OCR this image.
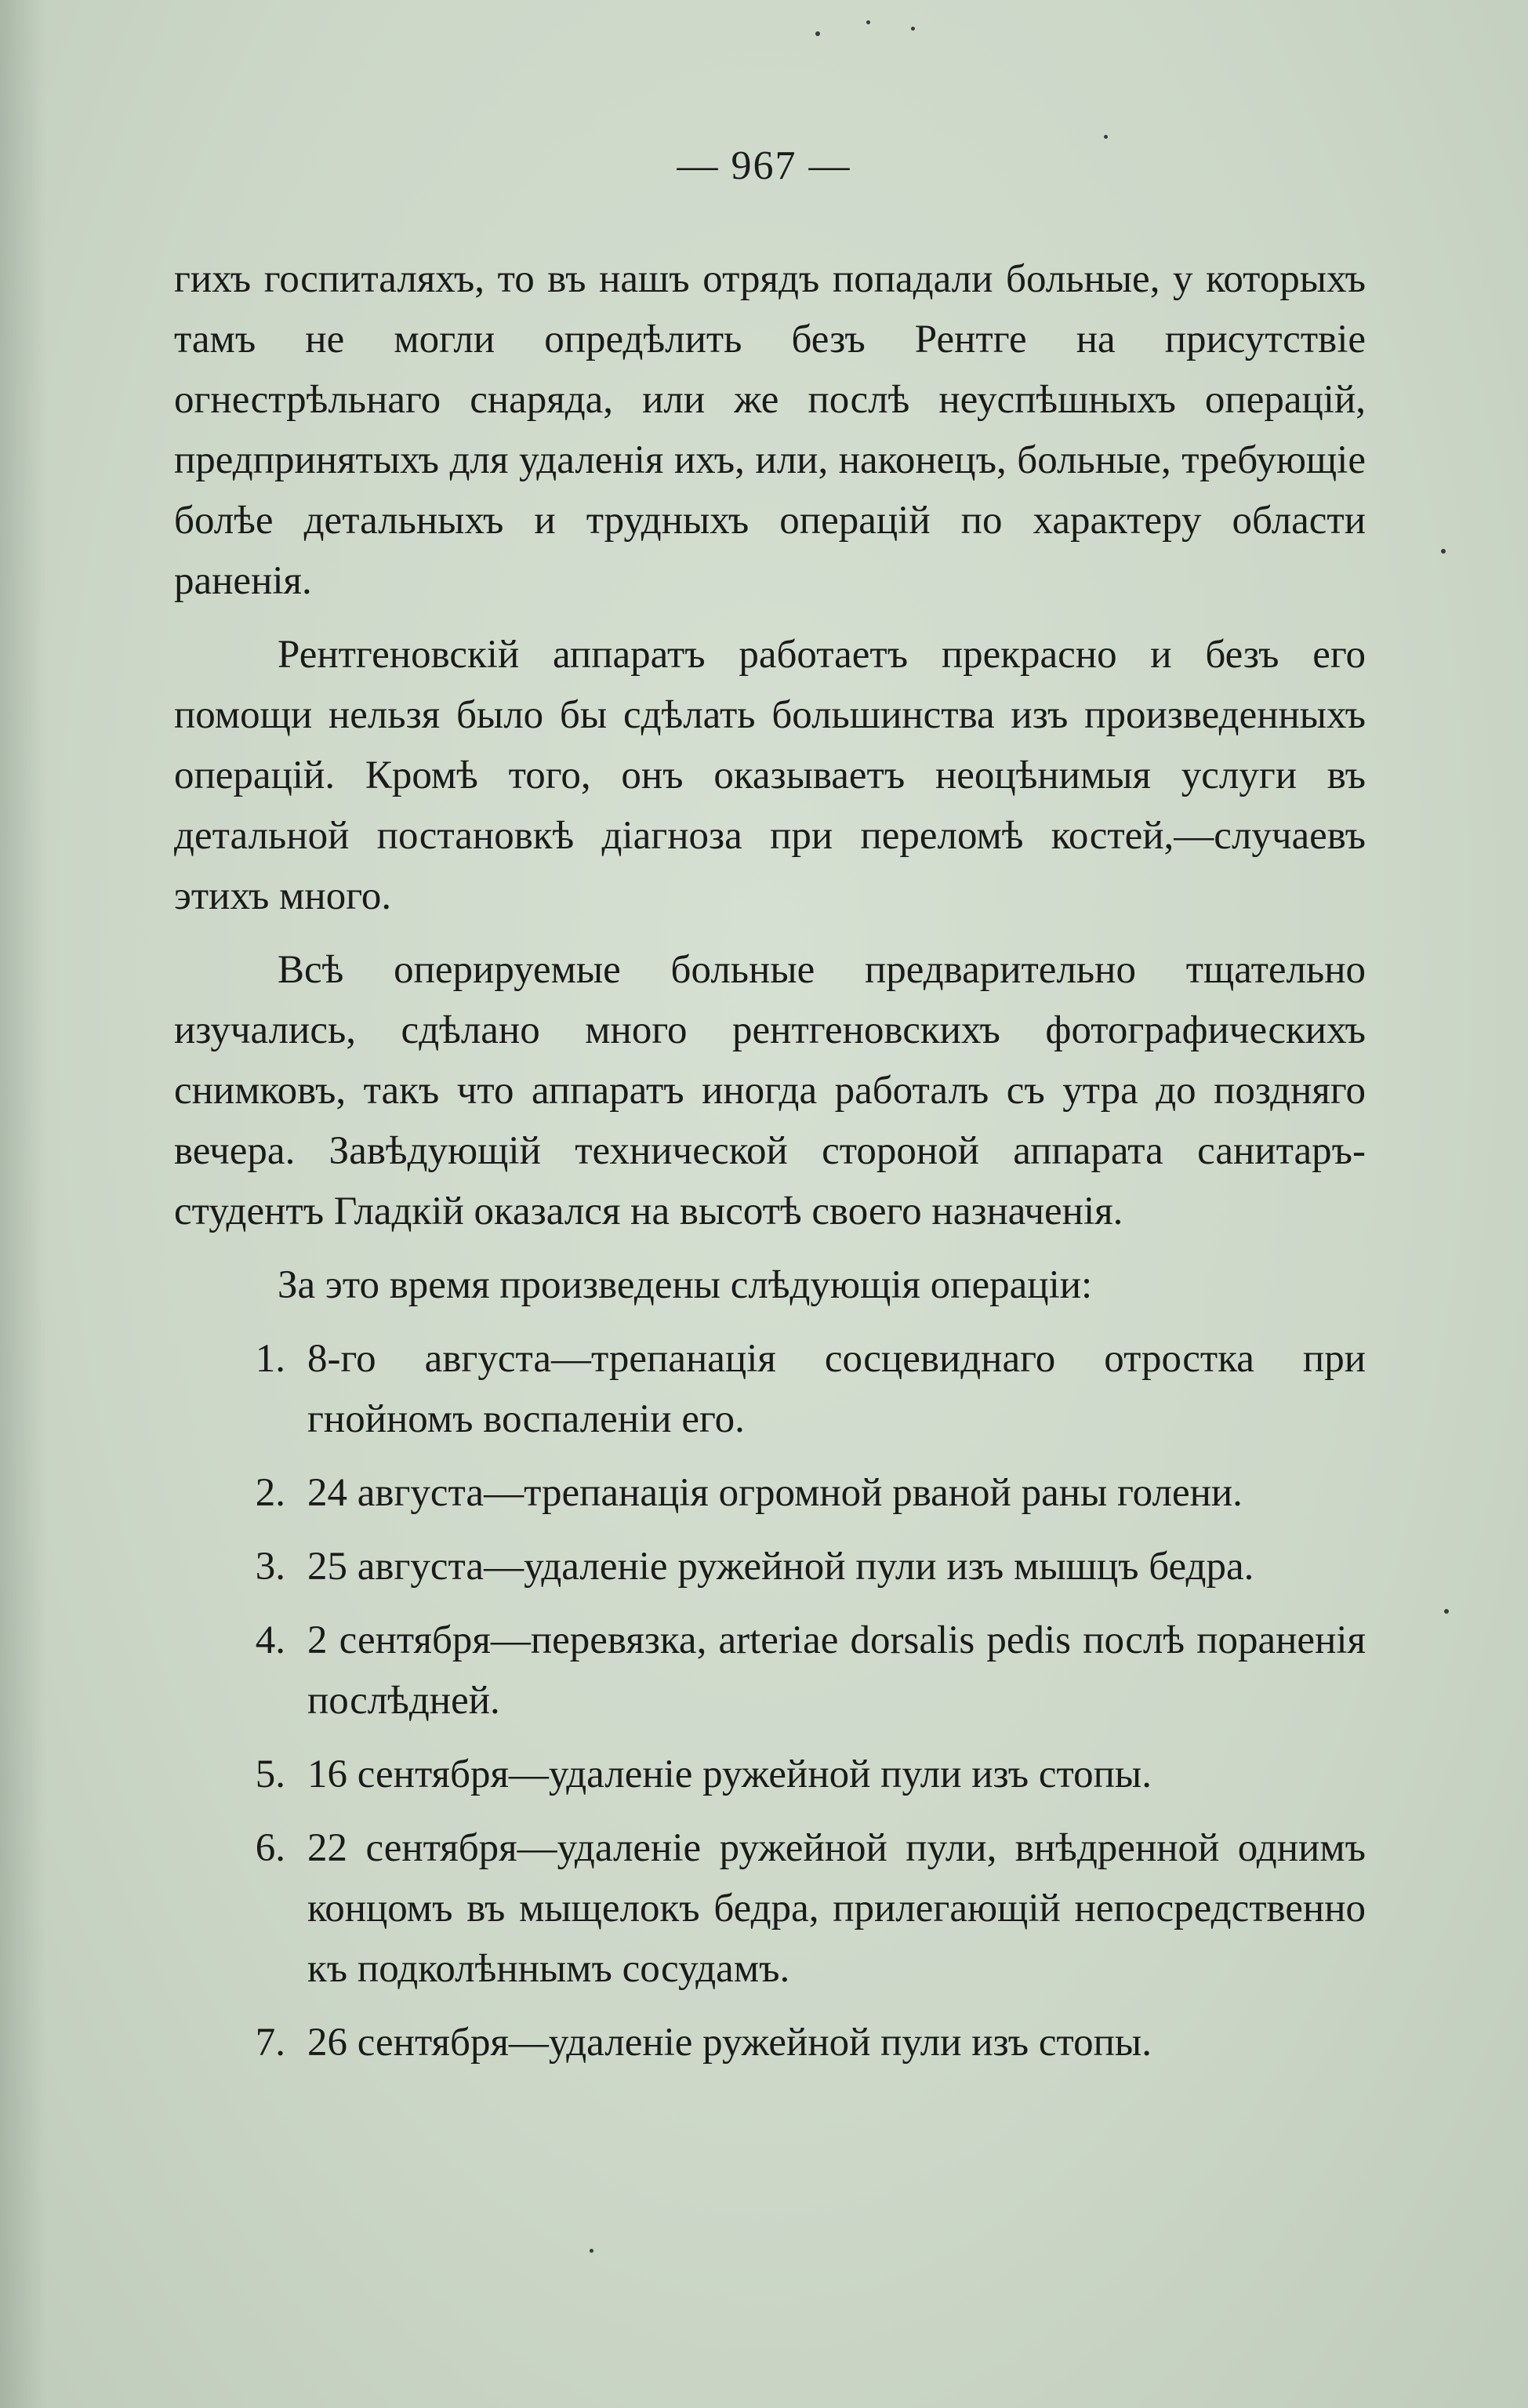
— 967 —

гихъ госпиталяхъ, то въ нашъ отрядъ попадали больные, у которыхъ тамъ не могли опредѣлить безъ Рентге на присутствіе огнестрѣльнаго снаряда, или же послѣ неуспѣшныхъ операцій, предпринятыхъ для удаленія ихъ, или, наконецъ, больные, требующіе болѣе детальныхъ и трудныхъ операцій по характеру области раненія.

Рентгеновскій аппаратъ работаетъ прекрасно и безъ его помощи нельзя было бы сдѣлать большинства изъ произведенныхъ операцій. Кромѣ того, онъ оказываетъ неоцѣнимыя услуги въ детальной постановкѣ діагноза при переломѣ костей,—случаевъ этихъ много.

Всѣ оперируемые больные предварительно тщательно изучались, сдѣлано много рентгеновскихъ фотографическихъ снимковъ, такъ что аппаратъ иногда работалъ съ утра до поздняго вечера. Завѣдующій технической стороной аппарата санитаръ-студентъ Гладкій оказался на высотѣ своего назначенія.

За это время произведены слѣдующія операціи:

1. 8-го августа—трепанація сосцевиднаго отростка при гнойномъ воспаленіи его.
2. 24 августа—трепанація огромной рваной раны голени.
3. 25 августа—удаленіе ружейной пули изъ мышцъ бедра.
4. 2 сентября—перевязка, arteriae dorsalis pedis послѣ пораненія послѣдней.
5. 16 сентября—удаленіе ружейной пули изъ стопы.
6. 22 сентября—удаленіе ружейной пули, внѣдренной однимъ концомъ въ мыщелокъ бедра, прилегающій непосредственно къ подколѣннымъ сосудамъ.
7. 26 сентября—удаленіе ружейной пули изъ стопы.
